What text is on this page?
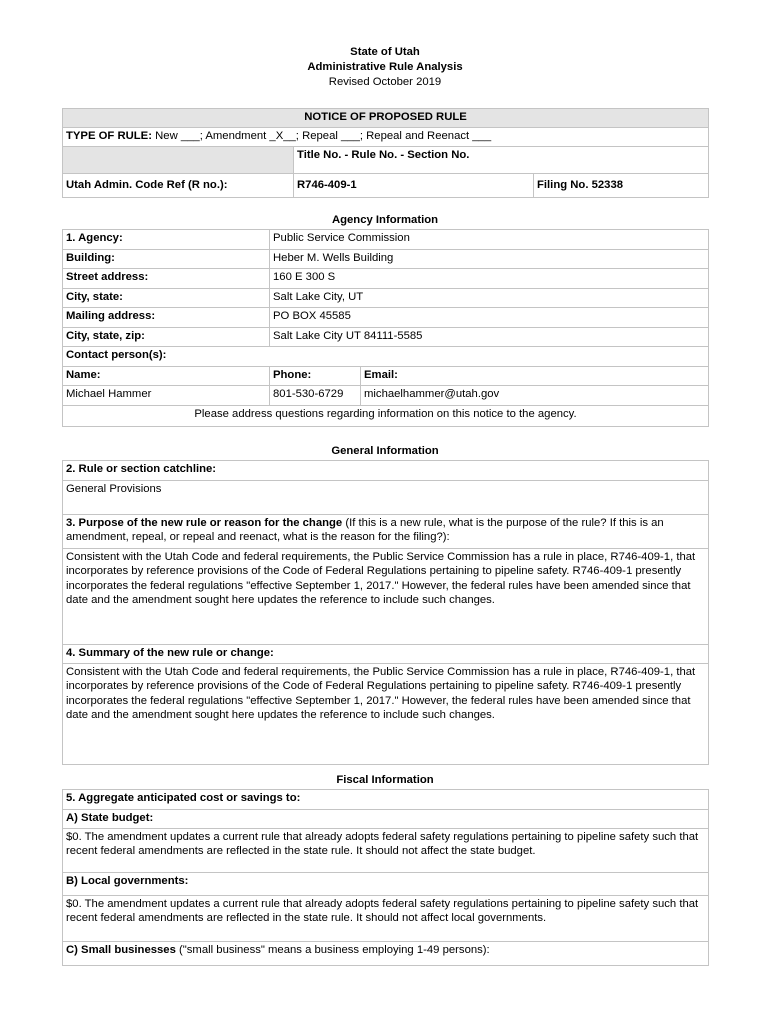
State of Utah
Administrative Rule Analysis
Revised October 2019
NOTICE OF PROPOSED RULE		
TYPE OF RULE: New ___; Amendment _X__; Repeal ___; Repeal and Reenact ___		
	Title No. - Rule No. - Section No.	
Utah Admin. Code Ref (R no.):	R746-409-1	Filing No. 52338
Agency Information
1. Agency:	Public Service Commission	
Building:	Heber M. Wells Building	
Street address:	160 E 300 S	
City, state:	Salt Lake City, UT	
Mailing address:	PO BOX 45585	
City, state, zip:	Salt Lake City UT 84111-5585	
Contact person(s):		
Name:	Phone:	Email:
Michael Hammer	801-530-6729	michaelhammer@utah.gov
Please address questions regarding information on this notice to the agency.		
General Information
2. Rule or section catchline:
General Provisions
3. Purpose of the new rule or reason for the change (If this is a new rule, what is the purpose of the rule? If this is an amendment, repeal, or repeal and reenact, what is the reason for the filing?):
Consistent with the Utah Code and federal requirements, the Public Service Commission has a rule in place, R746-409-1, that incorporates by reference provisions of the Code of Federal Regulations pertaining to pipeline safety. R746-409-1 presently incorporates the federal regulations "effective September 1, 2017." However, the federal rules have been amended since that date and the amendment sought here updates the reference to include such changes.
4. Summary of the new rule or change:
Consistent with the Utah Code and federal requirements, the Public Service Commission has a rule in place, R746-409-1, that incorporates by reference provisions of the Code of Federal Regulations pertaining to pipeline safety. R746-409-1 presently incorporates the federal regulations "effective September 1, 2017." However, the federal rules have been amended since that date and the amendment sought here updates the reference to include such changes.
Fiscal Information
5. Aggregate anticipated cost or savings to:
A) State budget:
$0. The amendment updates a current rule that already adopts federal safety regulations pertaining to pipeline safety such that recent federal amendments are reflected in the state rule. It should not affect the state budget.
B) Local governments:
$0. The amendment updates a current rule that already adopts federal safety regulations pertaining to pipeline safety such that recent federal amendments are reflected in the state rule. It should not affect local governments.
C) Small businesses ("small business" means a business employing 1-49 persons):
